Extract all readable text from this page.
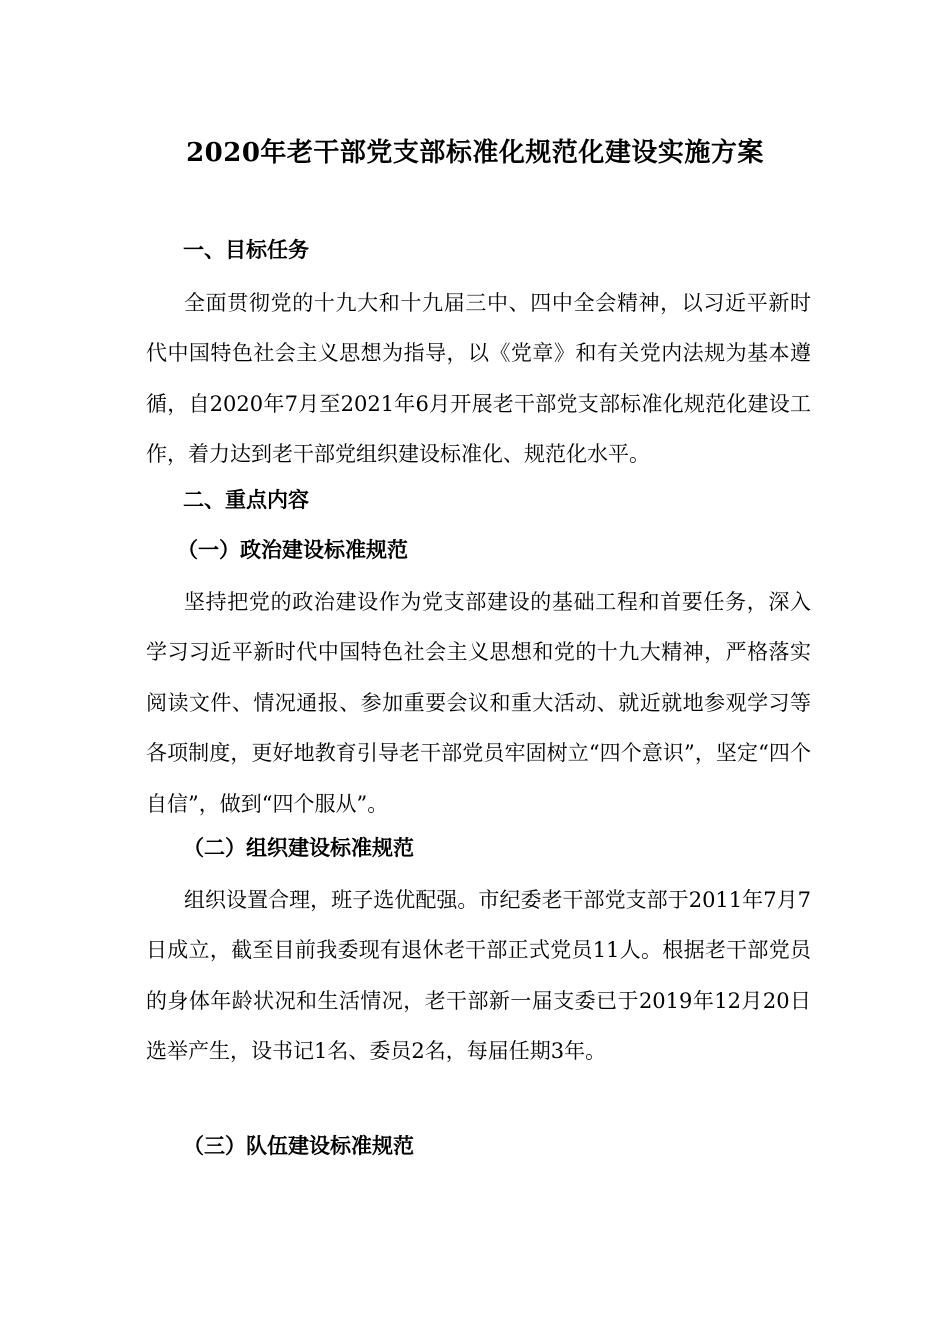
2020年老干部党支部标准化规范化建设实施方案
一、目标任务

全面贯彻党的十九大和十九届三中、四中全会精神，以习近平新时代中国特色社会主义思想为指导，以《党章》和有关党内法规为基本遵循，自2020年7月至2021年6月开展老干部党支部标准化规范化建设工作，着力达到老干部党组织建设标准化、规范化水平。

二、重点内容
（一）政治建设标准规范

坚持把党的政治建设作为党支部建设的基础工程和首要任务，深入学习习近平新时代中国特色社会主义思想和党的十九大精神，严格落实阅读文件、情况通报、参加重要会议和重大活动、就近就地参观学习等各项制度，更好地教育引导老干部党员牢固树立“四个意识”，坚定“四个自信”，做到“四个服从”。

（二）组织建设标准规范

组织设置合理，班子选优配强。市纪委老干部党支部于2011年7月7日成立，截至目前我委现有退休老干部正式党员11人。根据老干部党员的身体年龄状况和生活情况，老干部新一届支委已于2019年12月20日选举产生，设书记1名、委员2名，每届任期3年。

（三）队伍建设标准规范
